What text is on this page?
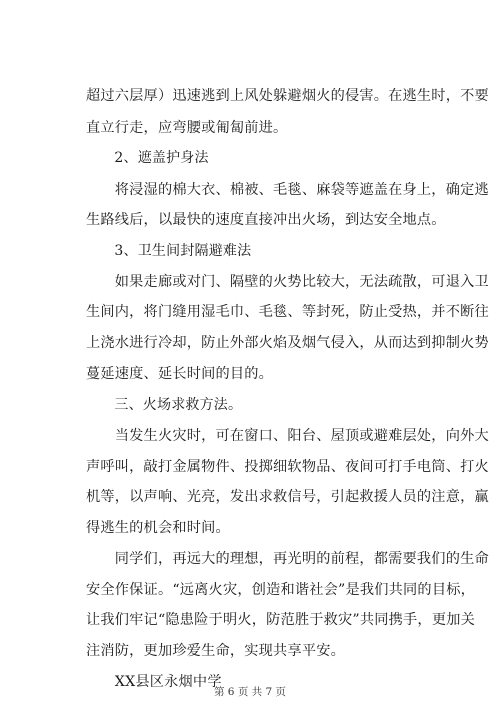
超过六层厚）迅速逃到上风处躲避烟火的侵害。在逃生时，不要
直立行走，应弯腰或匍匐前进。
　　2、遮盖护身法
　　将浸湿的棉大衣、棉被、毛毯、麻袋等遮盖在身上，确定逃
生路线后，以最快的速度直接冲出火场，到达安全地点。
　　3、卫生间封隔避难法
　　如果走廊或对门、隔壁的火势比较大，无法疏散，可退入卫
生间内，将门缝用湿毛巾、毛毯、等封死，防止受热，并不断往
上浇水进行冷却，防止外部火焰及烟气侵入，从而达到抑制火势
蔓延速度、延长时间的目的。
　　三、火场求救方法。
　　当发生火灾时，可在窗口、阳台、屋顶或避难层处，向外大
声呼叫，敲打金属物件、投掷细软物品、夜间可打手电筒、打火
机等，以声响、光亮，发出求救信号，引起救援人员的注意，赢
得逃生的机会和时间。
　　同学们，再远大的理想，再光明的前程，都需要我们的生命
安全作保证。“远离火灾，创造和谐社会”是我们共同的目标，
让我们牢记“隐患险于明火，防范胜于救灾”共同携手，更加关
注消防，更加珍爱生命，实现共享平安。
　　XX县区永烟中学
第 6 页 共 7 页
